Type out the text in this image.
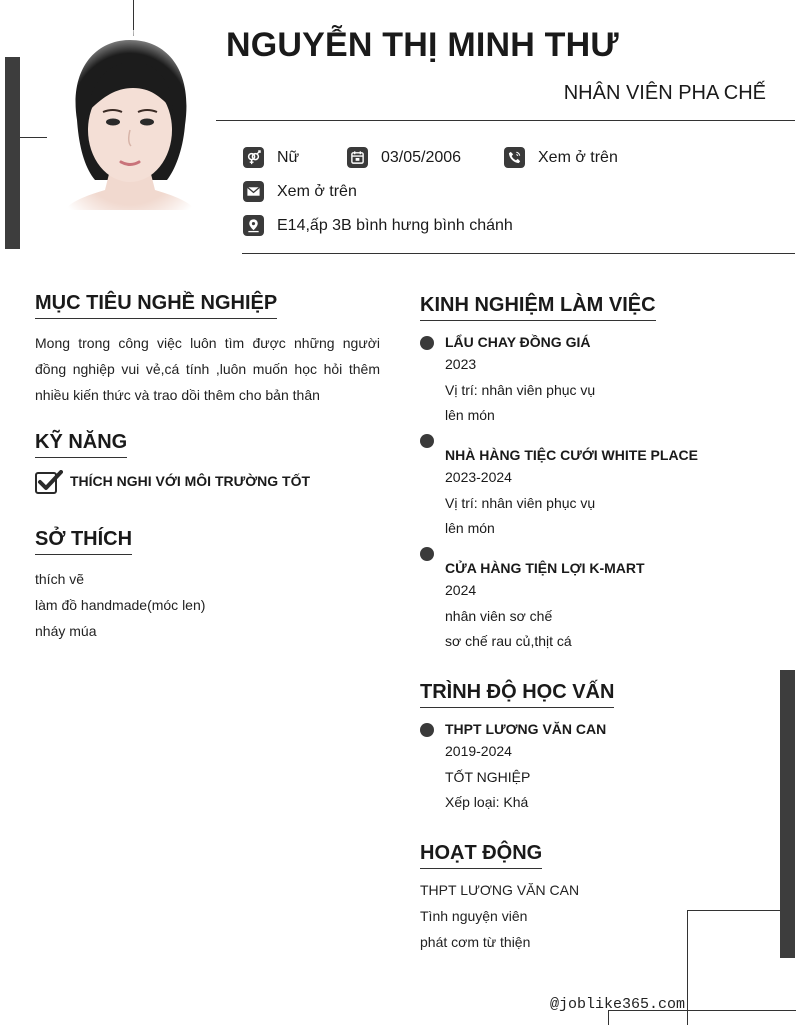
NGUYỄN THỊ MINH THƯ
NHÂN VIÊN PHA CHẾ
Nữ	03/05/2006	Xem ở trên
Xem ở trên
E14,ấp 3B bình hưng bình chánh
MỤC TIÊU NGHỀ NGHIỆP
Mong trong công việc luôn tìm được những người đồng nghiệp vui vẻ,cá tính ,luôn muốn học hỏi thêm nhiều kiến thức và trao dồi thêm cho bản thân
KỸ NĂNG
THÍCH NGHI VỚI MÔI TRƯỜNG TỐT
SỞ THÍCH
thích vẽ
làm đồ handmade(móc len)
nháy múa
KINH NGHIỆM LÀM VIỆC
LẨU CHAY ĐỒNG GIÁ
2023
Vị trí: nhân viên phục vụ
lên món
NHÀ HÀNG TIỆC CƯỚI WHITE PLACE
2023-2024
Vị trí: nhân viên phục vụ
lên món
CỬA HÀNG TIỆN LỢI K-MART
2024
nhân viên sơ chế
sơ chế rau củ,thịt cá
TRÌNH ĐỘ HỌC VẤN
THPT LƯƠNG VĂN CAN
2019-2024
TỐT NGHIỆP
Xếp loại: Khá
HOẠT ĐỘNG
THPT LƯƠNG VĂN CAN
Tình nguyện viên
phát cơm từ thiện
@joblike365.com
